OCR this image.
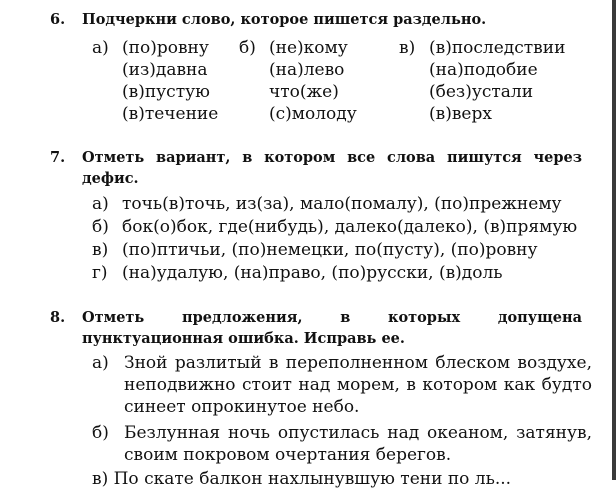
6. Подчеркни слово, которое пишется раздельно.
а) (по)ровну
(из)давна
(в)пустую
(в)течение
б) (не)кому
(на)лево
что(же)
(с)молоду
в) (в)последствии
(на)подобие
(без)устали
(в)верх
7. Отметь вариант, в котором все слова пишутся через дефис.
а) точь(в)точь, из(за), мало(помалу), (по)прежнему
б) бок(о)бок, где(нибудь), далеко(далеко), (в)прямую
в) (по)птичьи, (по)немецки, по(пусту), (по)ровну
г) (на)удалую, (на)право, (по)русски, (в)доль
8. Отметь предложения, в которых допущена пунктуационная ошибка. Исправь ее.
а) Зной разлитый в переполненном блеском воздухе, неподвижно стоит над морем, в котором как будто синеет опрокинутое небо.
б) Безлунная ночь опустилась над океаном, затянув, своим покровом очертания берегов.
в) По скате балкон нахлынувшую тени по ль...
